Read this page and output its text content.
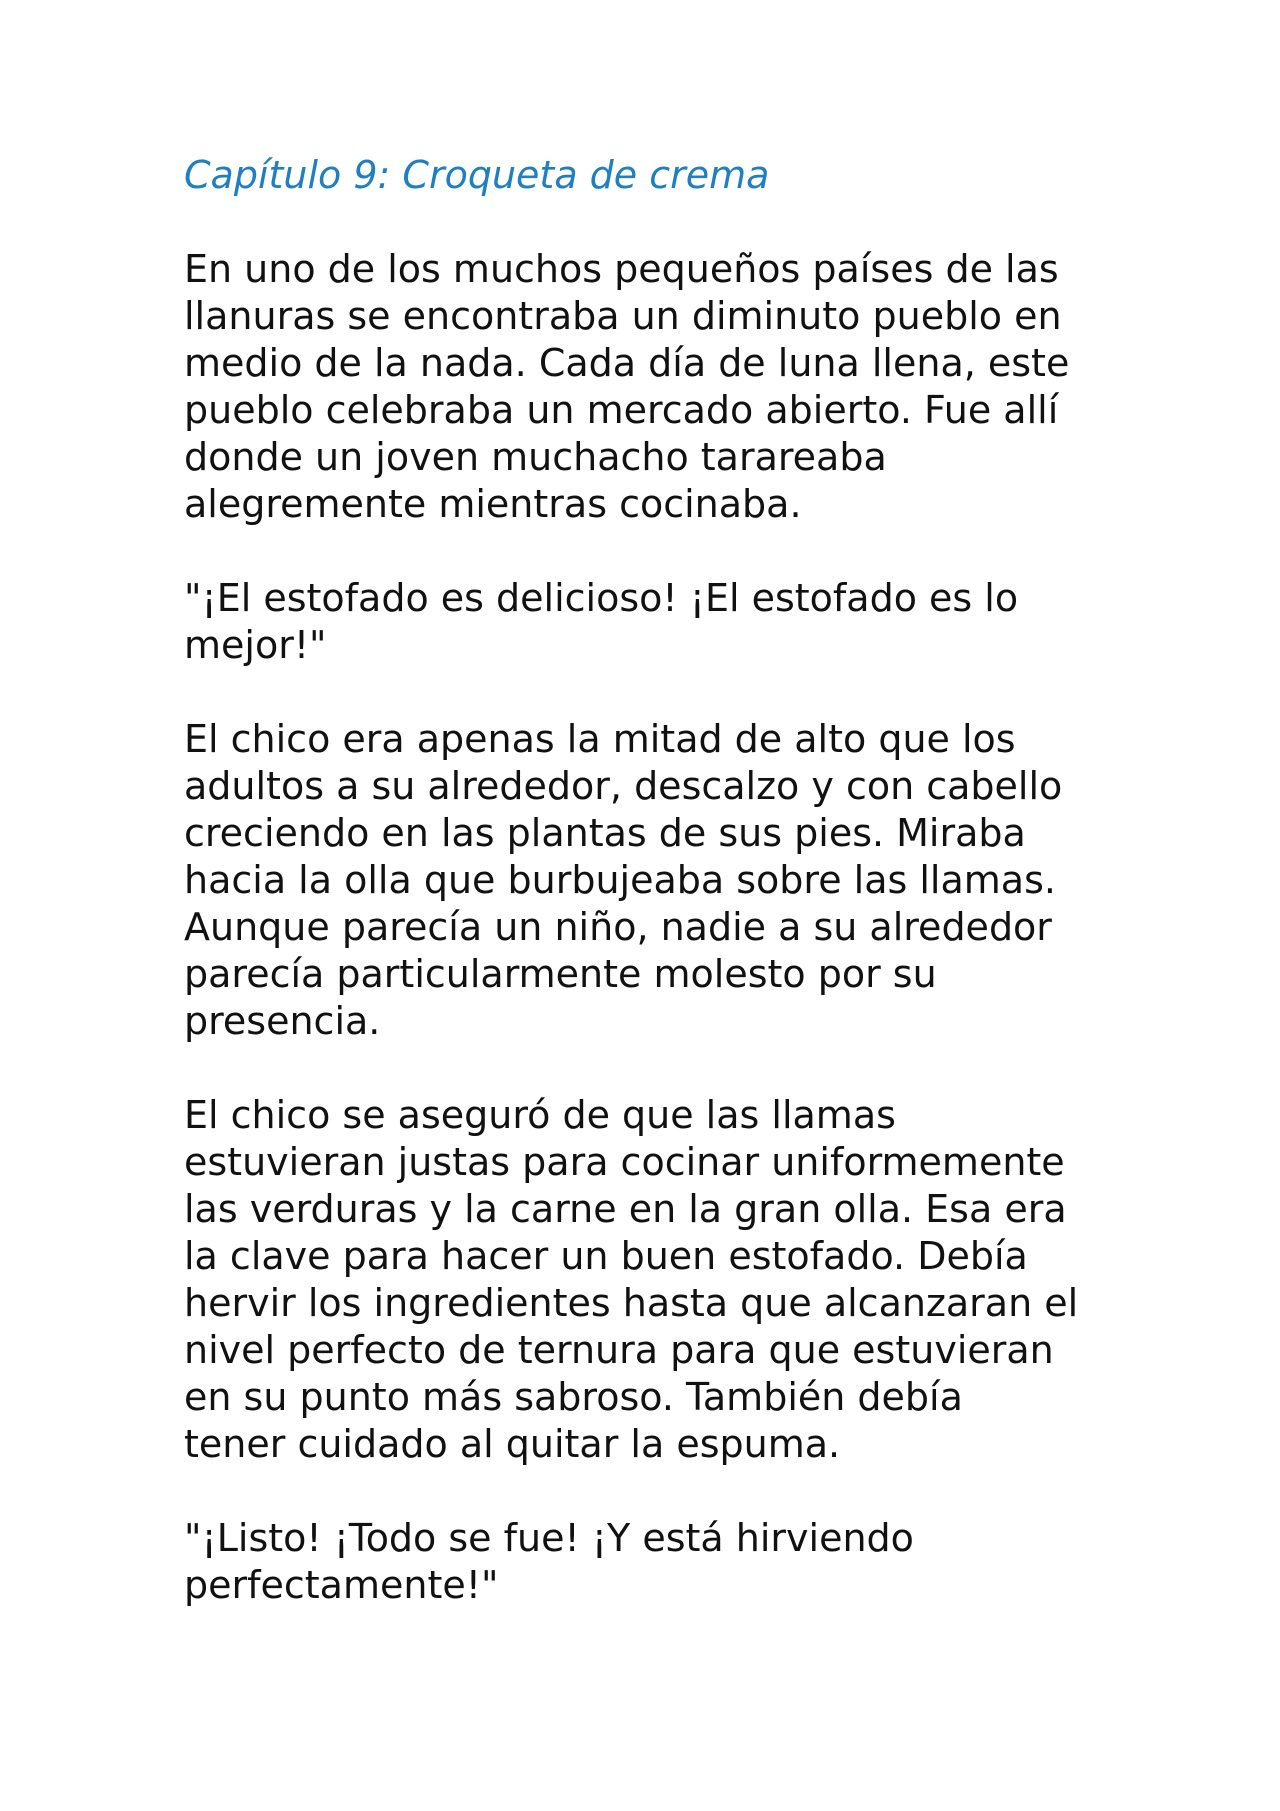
Capítulo 9: Croqueta de crema

En uno de los muchos pequeños países de las
llanuras se encontraba un diminuto pueblo en
medio de la nada. Cada día de luna llena, este
pueblo celebraba un mercado abierto. Fue allí
donde un joven muchacho tarareaba
alegremente mientras cocinaba.

"¡El estofado es delicioso! ¡El estofado es lo
mejor!"

El chico era apenas la mitad de alto que los
adultos a su alrededor, descalzo y con cabello
creciendo en las plantas de sus pies. Miraba
hacia la olla que burbujeaba sobre las llamas.
Aunque parecía un niño, nadie a su alrededor
parecía particularmente molesto por su
presencia.

El chico se aseguró de que las llamas
estuvieran justas para cocinar uniformemente
las verduras y la carne en la gran olla. Esa era
la clave para hacer un buen estofado. Debía
hervir los ingredientes hasta que alcanzaran el
nivel perfecto de ternura para que estuvieran
en su punto más sabroso. También debía
tener cuidado al quitar la espuma.

"¡Listo! ¡Todo se fue! ¡Y está hirviendo
perfectamente!"
